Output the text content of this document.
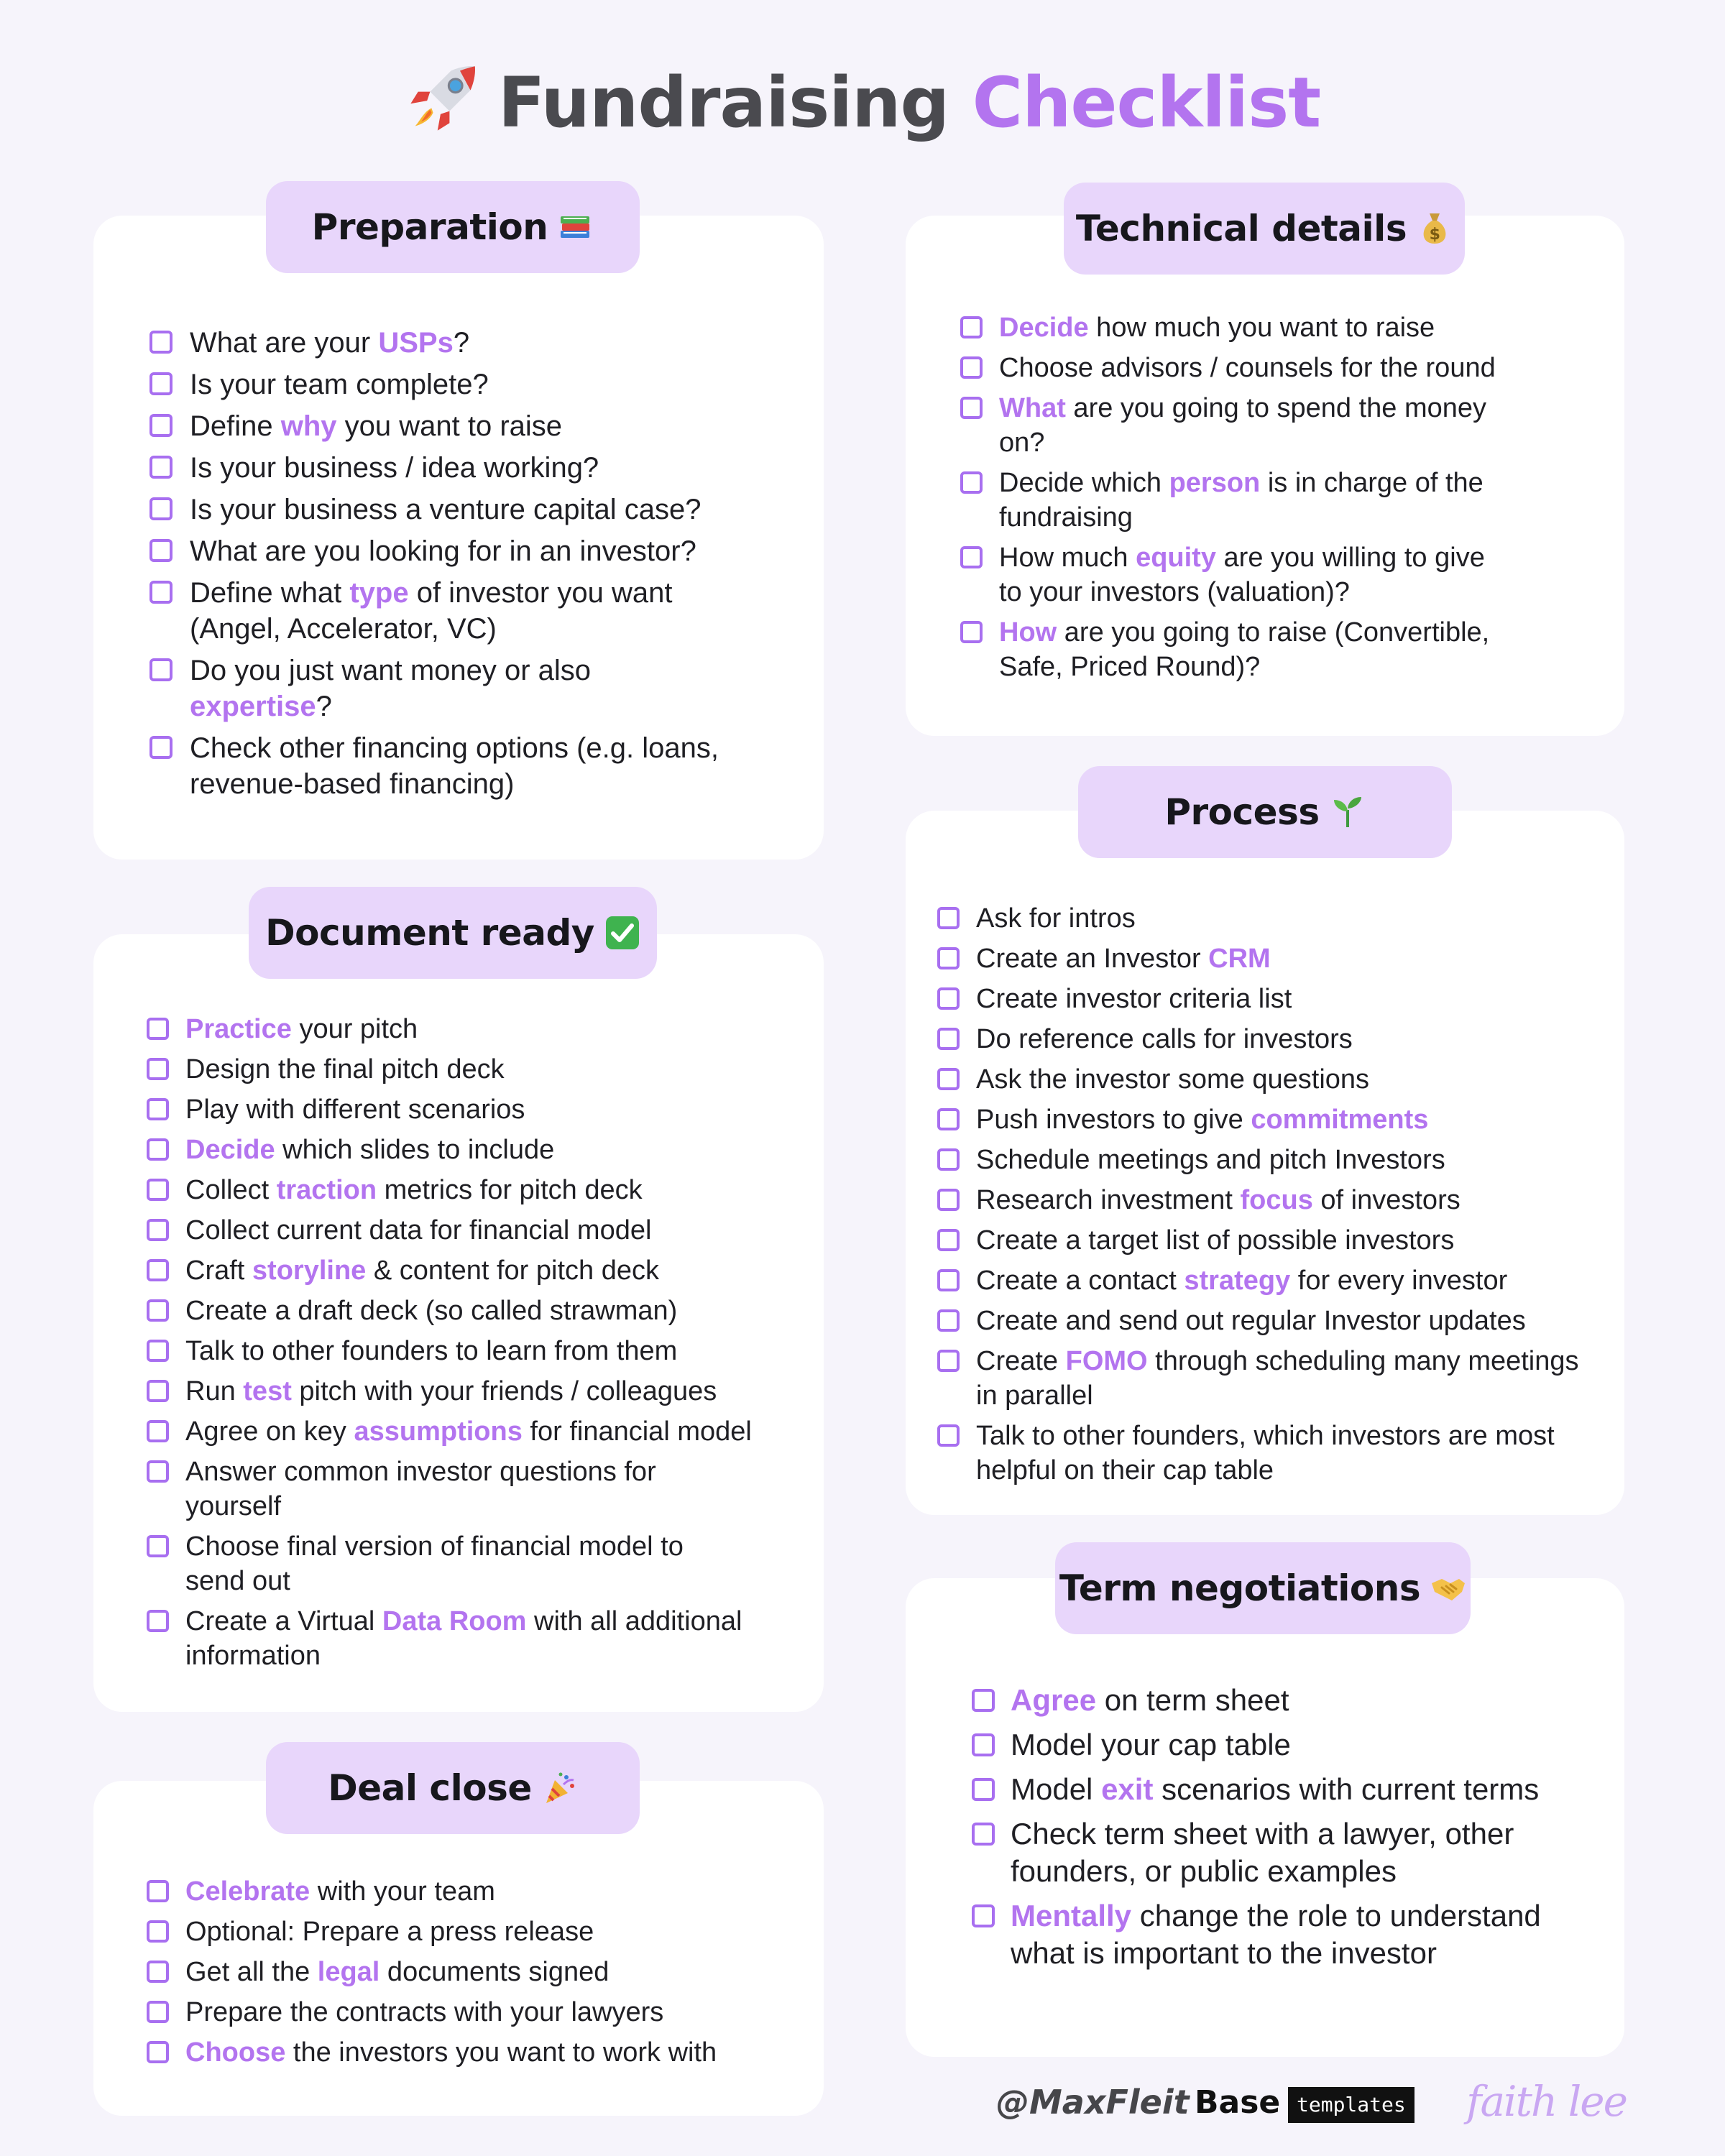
Fundraising Checklist
Preparation
What are your USPs?
Is your team complete?
Define why you want to raise
Is your business / idea working?
Is your business a venture capital case?
What are you looking for in an investor?
Define what type of investor you want
(Angel, Accelerator, VC)
Do you just want money or also
expertise?
Check other financing options (e.g. loans,
revenue-based financing)
Document ready
Practice your pitch
Design the final pitch deck
Play with different scenarios
Decide which slides to include
Collect traction metrics for pitch deck
Collect current data for financial model
Craft storyline & content for pitch deck
Create a draft deck (so called strawman)
Talk to other founders to learn from them
Run test pitch with your friends / colleagues
Agree on key assumptions for financial model
Answer common investor questions for
yourself
Choose final version of financial model to
send out
Create a Virtual Data Room with all additional
information
Deal close
Celebrate with your team
Optional: Prepare a press release
Get all the legal documents signed
Prepare the contracts with your lawyers
Choose the investors you want to work with
Technical details $
Decide how much you want to raise
Choose advisors / counsels for the round
What are you going to spend the money
on?
Decide which person is in charge of the
fundraising
How much equity are you willing to give
to your investors (valuation)?
How are you going to raise (Convertible,
Safe, Priced Round)?
Process
Ask for intros
Create an Investor CRM
Create investor criteria list
Do reference calls for investors
Ask the investor some questions
Push investors to give commitments
Schedule meetings and pitch Investors
Research investment focus of investors
Create a target list of possible investors
Create a contact strategy for every investor
Create and send out regular Investor updates
Create FOMO through scheduling many meetings
in parallel
Talk to other founders, which investors are most
helpful on their cap table
Term negotiations
Agree on term sheet
Model your cap table
Model exit scenarios with current terms
Check term sheet with a lawyer, other
founders, or public examples
Mentally change the role to understand
what is important to the investor
@MaxFleit Base templates faith lee
